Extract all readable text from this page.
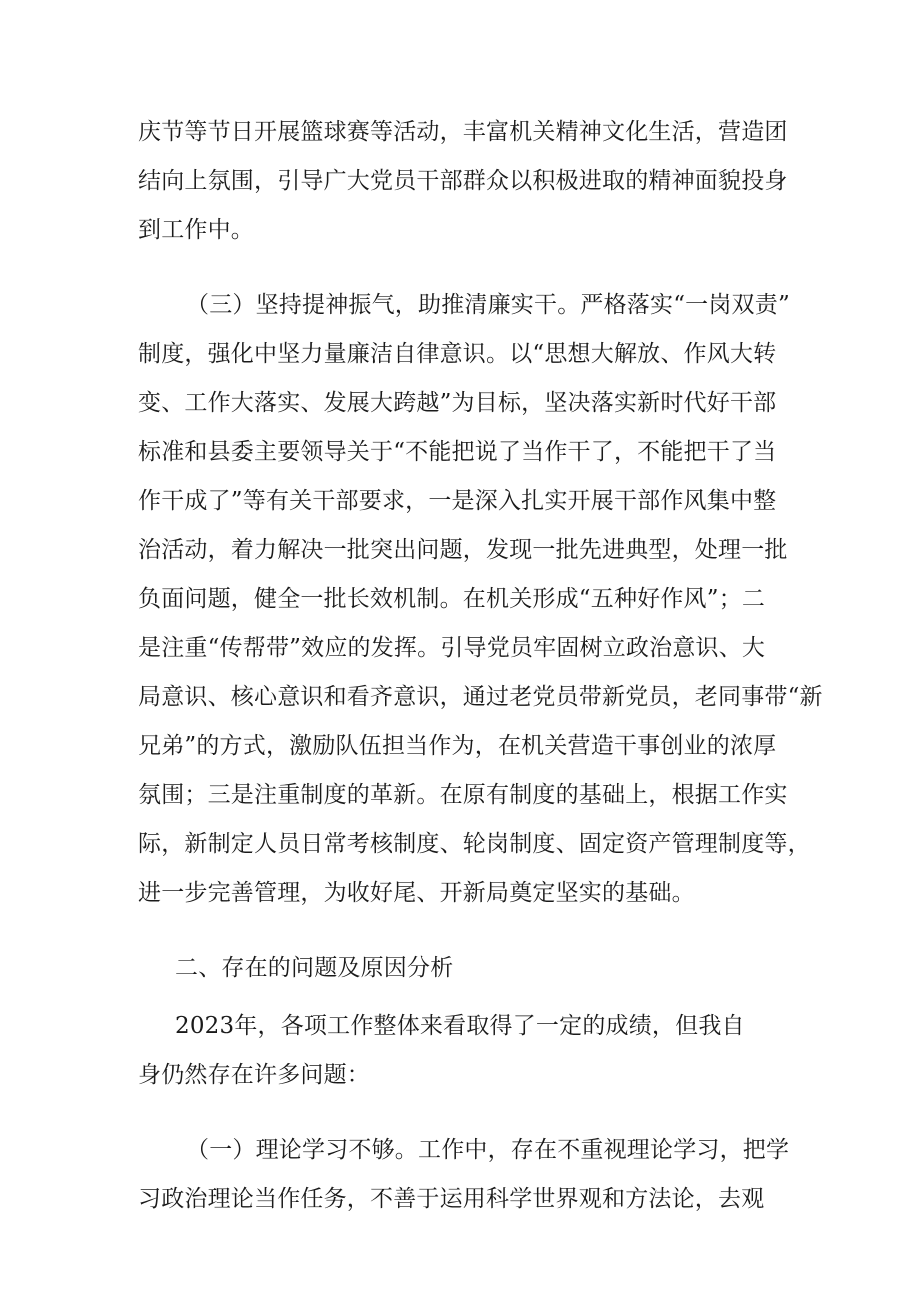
庆节等节日开展篮球赛等活动，丰富机关精神文化生活，营造团
结向上氛围，引导广大党员干部群众以积极进取的精神面貌投身
到工作中。
（三）坚持提神振气，助推清廉实干。严格落实“一岗双责”
制度，强化中坚力量廉洁自律意识。以“思想大解放、作风大转
变、工作大落实、发展大跨越”为目标，坚决落实新时代好干部
标准和县委主要领导关于“不能把说了当作干了，不能把干了当
作干成了”等有关干部要求，一是深入扎实开展干部作风集中整
治活动，着力解决一批突出问题，发现一批先进典型，处理一批
负面问题，健全一批长效机制。在机关形成“五种好作风”；二
是注重“传帮带”效应的发挥。引导党员牢固树立政治意识、大
局意识、核心意识和看齐意识，通过老党员带新党员，老同事带“新
兄弟”的方式，激励队伍担当作为，在机关营造干事创业的浓厚
氛围；三是注重制度的革新。在原有制度的基础上，根据工作实
际，新制定人员日常考核制度、轮岗制度、固定资产管理制度等，
进一步完善管理，为收好尾、开新局奠定坚实的基础。
二、存在的问题及原因分析
2023年，各项工作整体来看取得了一定的成绩，但我自
身仍然存在许多问题：
（一）理论学习不够。工作中，存在不重视理论学习，把学
习政治理论当作任务，不善于运用科学世界观和方法论，去观
